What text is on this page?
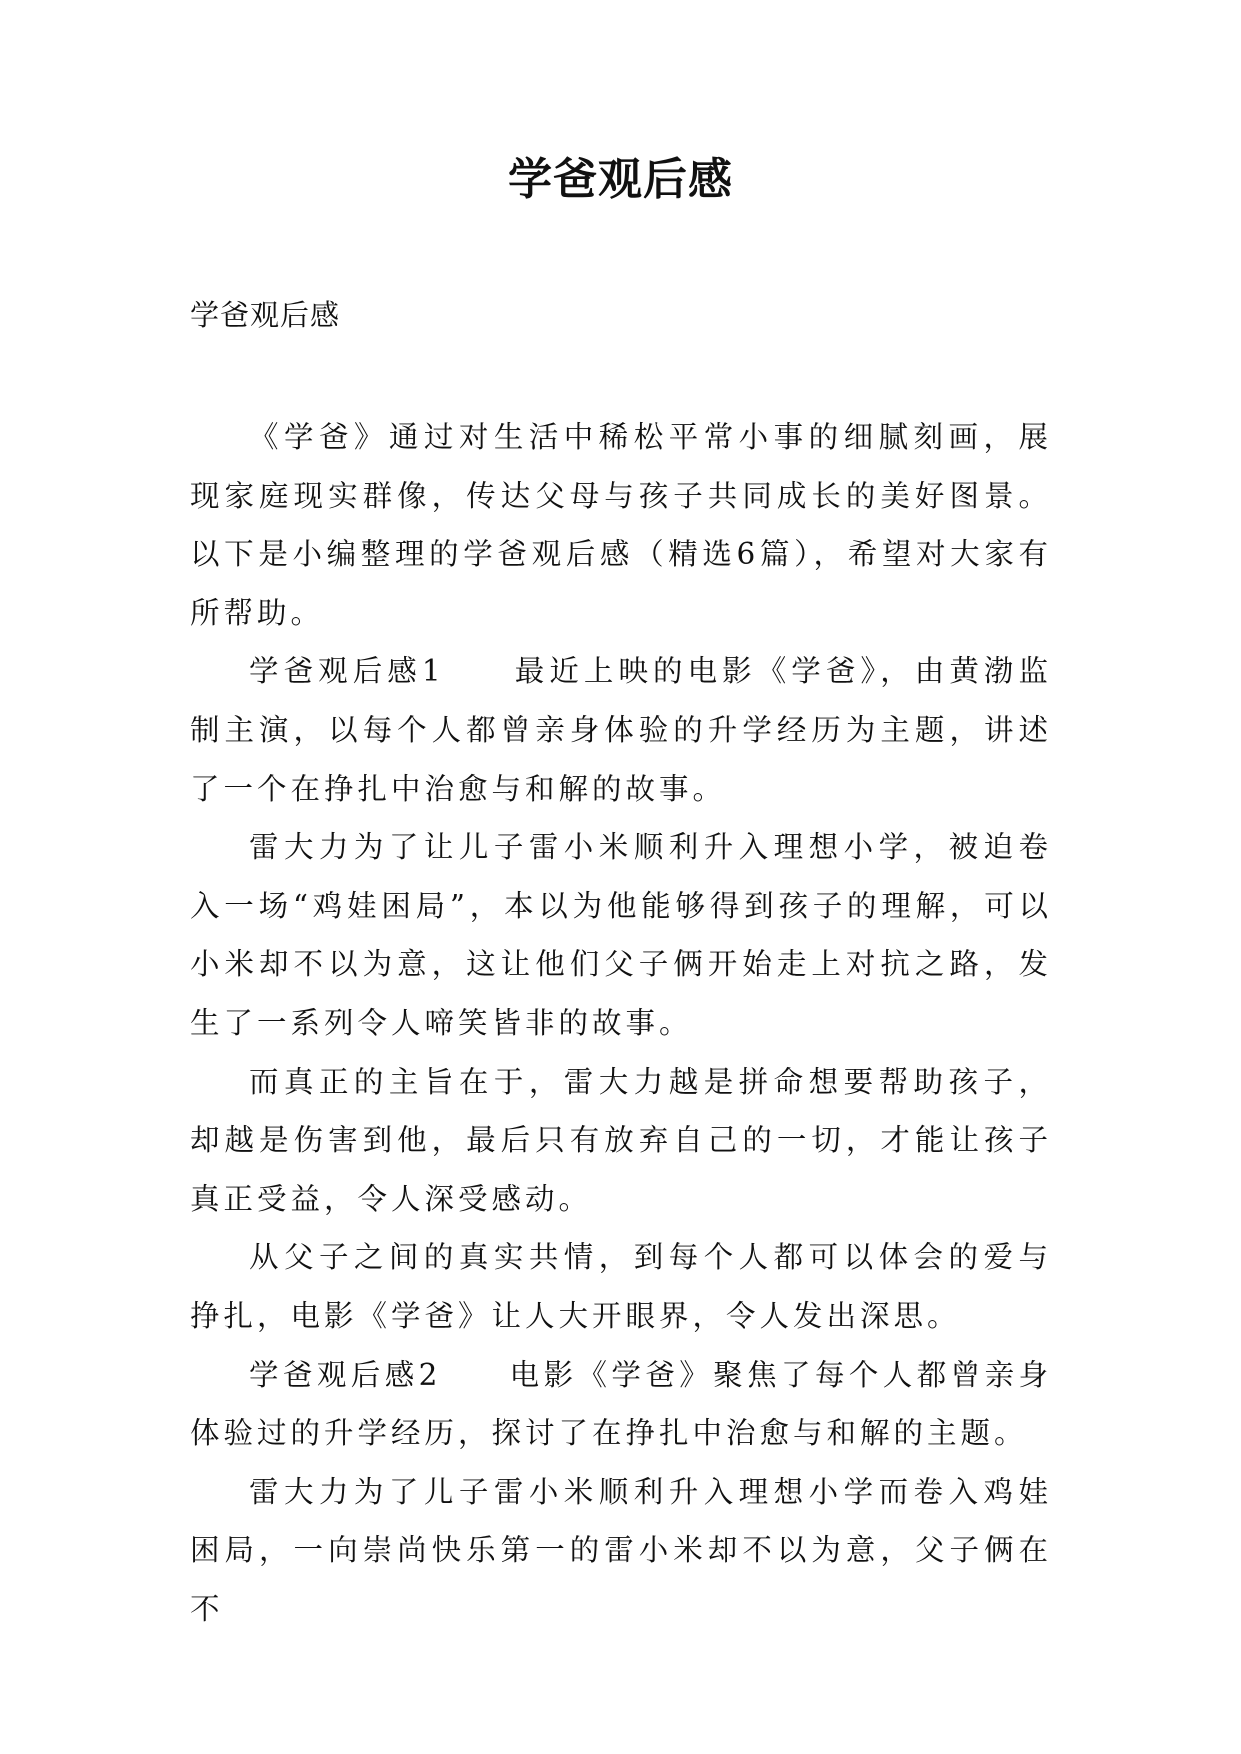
学爸观后感
学爸观后感

《学爸》通过对生活中稀松平常小事的细腻刻画，展现家庭现实群像，传达父母与孩子共同成长的美好图景。以下是小编整理的学爸观后感（精选6篇），希望对大家有所帮助。

学爸观后感1　　最近上映的电影《学爸》，由黄渤监制主演，以每个人都曾亲身体验的升学经历为主题，讲述了一个在挣扎中治愈与和解的故事。

雷大力为了让儿子雷小米顺利升入理想小学，被迫卷入一场“鸡娃困局”，本以为他能够得到孩子的理解，可以小米却不以为意，这让他们父子俩开始走上对抗之路，发生了一系列令人啼笑皆非的故事。

而真正的主旨在于，雷大力越是拼命想要帮助孩子，却越是伤害到他，最后只有放弃自己的一切，才能让孩子真正受益，令人深受感动。

从父子之间的真实共情，到每个人都可以体会的爱与挣扎，电影《学爸》让人大开眼界，令人发出深思。

学爸观后感2　　电影《学爸》聚焦了每个人都曾亲身体验过的升学经历，探讨了在挣扎中治愈与和解的主题。

雷大力为了儿子雷小米顺利升入理想小学而卷入鸡娃困局，一向崇尚快乐第一的雷小米却不以为意，父子俩在不
